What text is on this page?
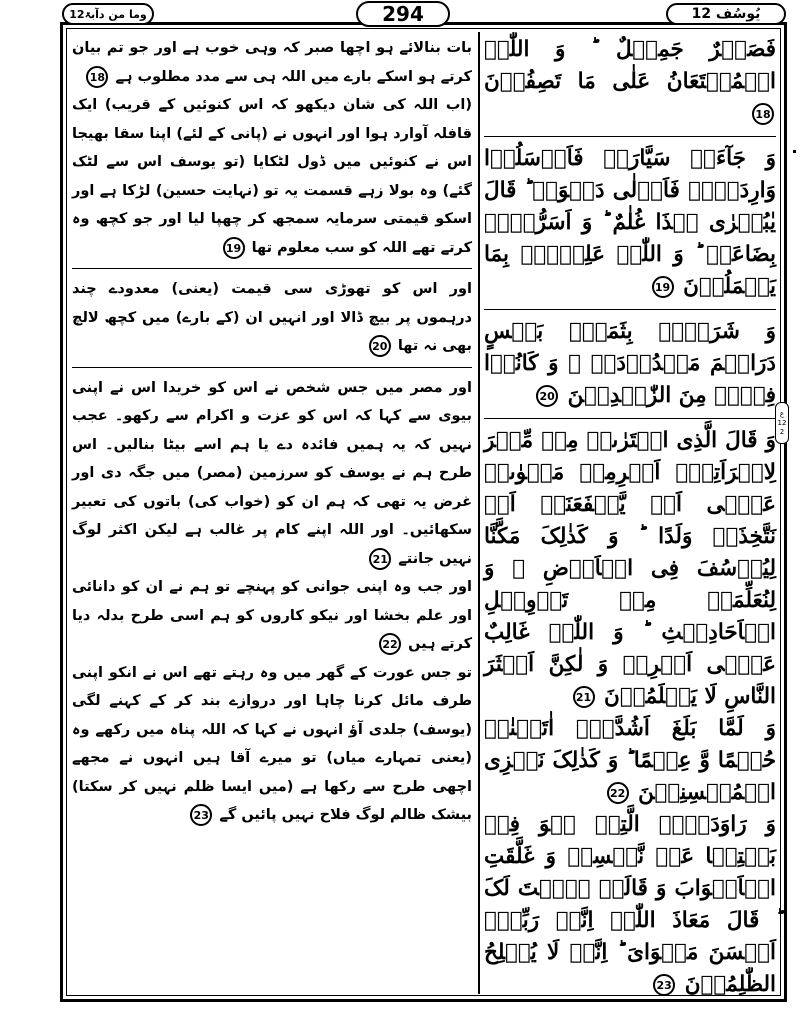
وما من دآبۃ12	294	یُوسُف 12
ع
12
2
فَصَبۡرٌ جَمِیۡلٌ ؕ وَ اللّٰہُ الۡمُسۡتَعَانُ عَلٰی مَا تَصِفُوۡنَ 18
وَ جَآءَتۡ سَیَّارَۃٌ فَاَرۡسَلُوۡا وَارِدَہُمۡ فَاَدۡلٰی دَلۡوَہٗ ؕ قَالَ یٰبُشۡرٰی ہٰذَا غُلٰمٌ ؕ وَ اَسَرُّوۡہُ بِضَاعَۃً ؕ وَ اللّٰہُ عَلِیۡمٌۢ بِمَا یَعۡمَلُوۡنَ 19
وَ شَرَوۡہُ بِثَمَنٍۭ بَخۡسٍ دَرَاہِمَ مَعۡدُوۡدَۃٍ ۚ وَ کَانُوۡا فِیۡہِ مِنَ الزّٰہِدِیۡنَ 20
وَ قَالَ الَّذِی اشۡتَرٰىہُ مِنۡ مِّصۡرَ لِامۡرَاَتِہٖۤ اَکۡرِمِیۡ مَثۡوٰىہُ عَسٰۤی اَنۡ یَّنۡفَعَنَاۤ اَوۡ نَتَّخِذَہٗ وَلَدًا ؕ وَ کَذٰلِکَ مَکَّنَّا لِیُوۡسُفَ فِی الۡاَرۡضِ ۫ وَ لِنُعَلِّمَہٗ مِنۡ تَاۡوِیۡلِ الۡاَحَادِیۡثِ ؕ وَ اللّٰہُ غَالِبٌ عَلٰۤی اَمۡرِہٖ وَ لٰکِنَّ اَکۡثَرَ النَّاسِ لَا یَعۡلَمُوۡنَ 21
وَ لَمَّا بَلَغَ اَشُدَّہٗۤ اٰتَیۡنٰہُ حُکۡمًا وَّ عِلۡمًا ؕ وَ کَذٰلِکَ نَجۡزِی الۡمُحۡسِنِیۡنَ 22
وَ رَاوَدَتۡہُ الَّتِیۡ ہُوَ فِیۡ بَیۡتِہَا عَنۡ نَّفۡسِہٖ وَ غَلَّقَتِ الۡاَبۡوَابَ وَ قَالَتۡ ہَیۡتَ لَکَ ؕ قَالَ مَعَاذَ اللّٰہِ اِنَّہٗ رَبِّیۡۤ اَحۡسَنَ مَثۡوَایَ ؕ اِنَّہٗ لَا یُفۡلِحُ الظّٰلِمُوۡنَ 23
بات بنالائے ہو اچھا صبر کہ وہی خوب ہے اور جو تم بیان کرتے ہو اسکے بارے میں اللہ ہی سے مدد مطلوب ہے 18
(اب اللہ کی شان دیکھو کہ اس کنوئیں کے قریب) ایک قافلہ آوارد ہوا اور انہوں نے (پانی کے لئے) اپنا سقا بھیجا اس نے کنوئیں میں ڈول لٹکایا (تو یوسف اس سے لٹک گئے) وہ بولا زہے قسمت یہ تو (نہایت حسین) لڑکا ہے اور اسکو قیمتی سرمایہ سمجھ کر چھپا لیا اور جو کچھ وہ کرتے تھے اللہ کو سب معلوم تھا 19
اور اس کو تھوڑی سی قیمت (یعنی) معدودے چند درہموں پر بیچ ڈالا اور انہیں ان (کے بارے) میں کچھ لالچ بھی نہ تھا 20
اور مصر میں جس شخص نے اس کو خریدا اس نے اپنی بیوی سے کہا کہ اس کو عزت و اکرام سے رکھو۔ عجب نہیں کہ یہ ہمیں فائدہ دے یا ہم اسے بیٹا بنالیں۔ اس طرح ہم نے یوسف کو سرزمین (مصر) میں جگہ دی اور غرض یہ تھی کہ ہم ان کو (خواب کی) باتوں کی تعبیر سکھائیں۔ اور اللہ اپنے کام پر غالب ہے لیکن اکثر لوگ نہیں جانتے 21
اور جب وہ اپنی جوانی کو پہنچے تو ہم نے ان کو دانائی اور علم بخشا اور نیکو کاروں کو ہم اسی طرح بدلہ دیا کرتے ہیں 22
تو جس عورت کے گھر میں وہ رہتے تھے اس نے انکو اپنی طرف مائل کرنا چاہا اور دروازے بند کر کے کہنے لگی (یوسف) جلدی آؤ انہوں نے کہا کہ اللہ پناہ میں رکھے وہ (یعنی تمہارے میاں) تو میرے آقا ہیں انہوں نے مجھے اچھی طرح سے رکھا ہے (میں ایسا ظلم نہیں کر سکتا) بیشک ظالم لوگ فلاح نہیں پائیں گے 23
